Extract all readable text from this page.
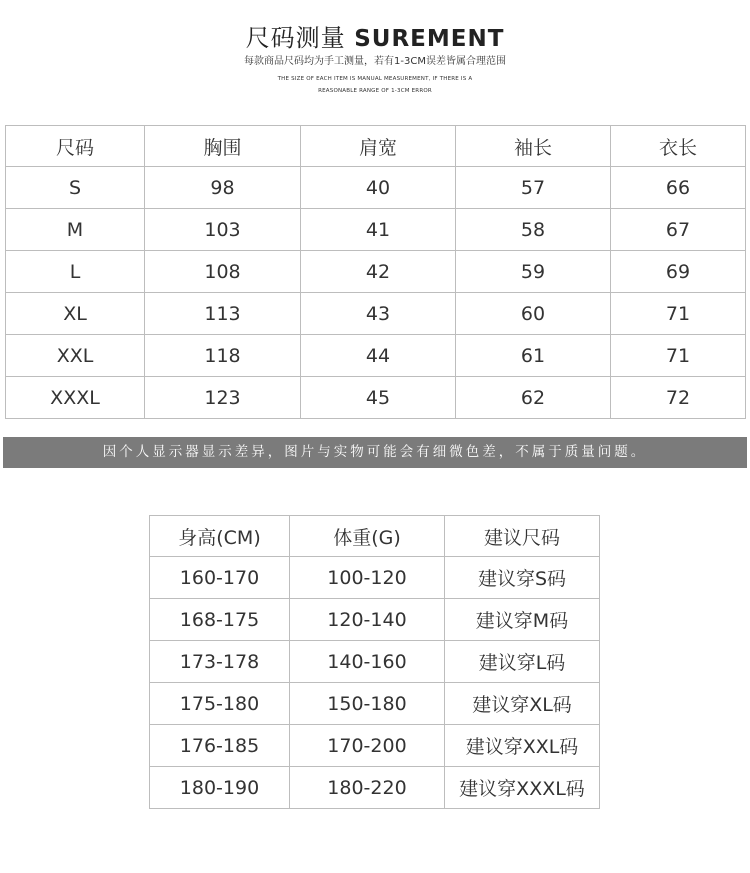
尺码测量 SUREMENT
每款商品尺码均为手工测量，若有1-3CM误差皆属合理范围
THE SIZE OF EACH ITEM IS MANUAL MEASUREMENT, IF THERE IS A
REASONABLE RANGE OF 1-3CM ERROR
尺码	胸围	肩宽	袖长	衣长
S	98	40	57	66
M	103	41	58	67
L	108	42	59	69
XL	113	43	60	71
XXL	118	44	61	71
XXXL	123	45	62	72
因个人显示器显示差异，图片与实物可能会有细微色差，不属于质量问题。
身高(CM)	体重(G)	建议尺码
160-170	100-120	建议穿S码
168-175	120-140	建议穿M码
173-178	140-160	建议穿L码
175-180	150-180	建议穿XL码
176-185	170-200	建议穿XXL码
180-190	180-220	建议穿XXXL码
